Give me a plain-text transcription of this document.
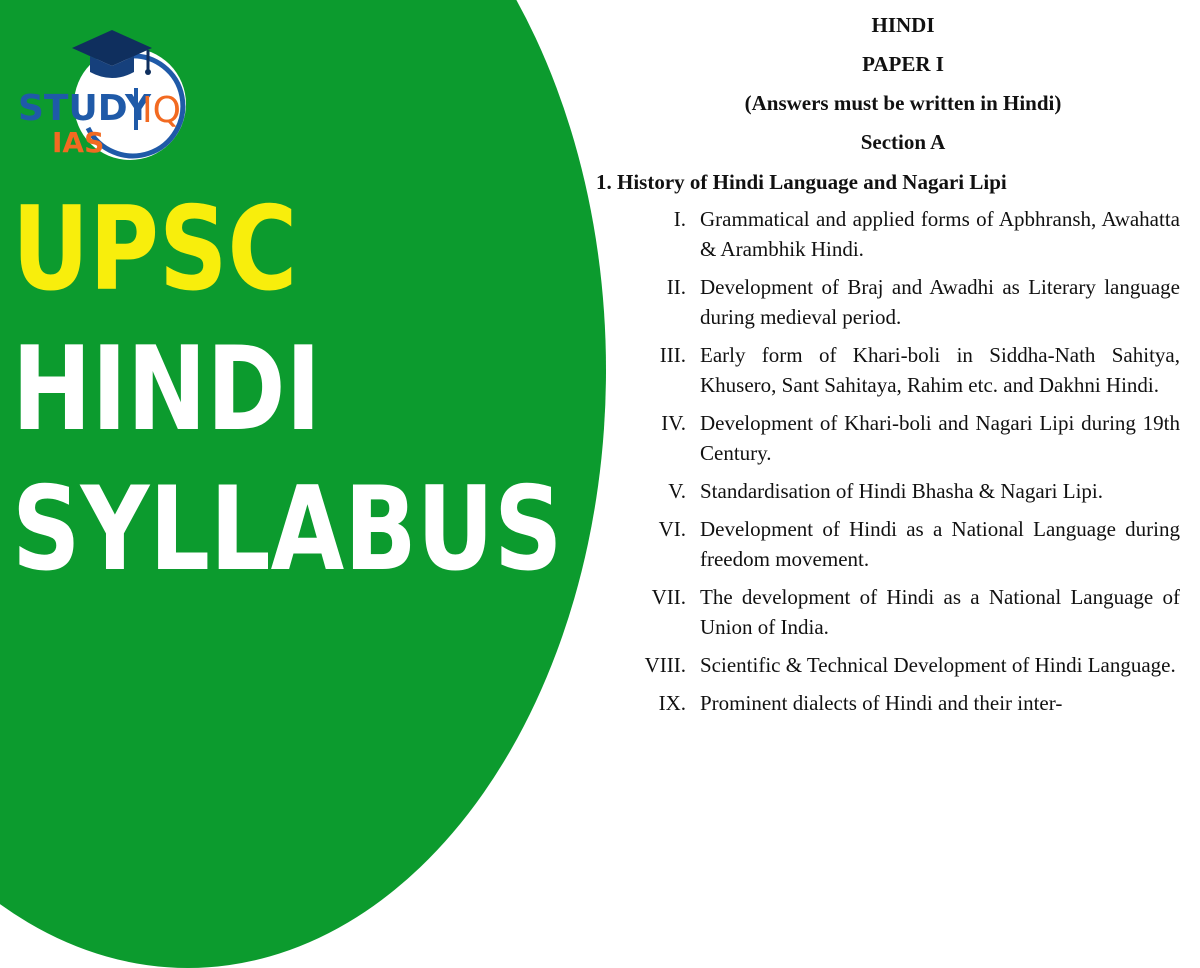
STUDY
IQ
IAS
UPSC
HINDI
SYLLABUS
HINDI
PAPER I
(Answers must be written in Hindi)
Section A
1. History of Hindi Language and Nagari Lipi
I. Grammatical and applied forms of Apbhransh, Awahatta & Arambhik Hindi.
II. Development of Braj and Awadhi as Literary language during medieval period.
III. Early form of Khari-boli in Siddha-Nath Sahitya, Khusero, Sant Sahitaya, Rahim etc. and Dakhni Hindi.
IV. Development of Khari-boli and Nagari Lipi during 19th Century.
V. Standardisation of Hindi Bhasha & Nagari Lipi.
VI. Development of Hindi as a National Language during freedom movement.
VII. The development of Hindi as a National Language of Union of India.
VIII. Scientific & Technical Development of Hindi Language.
IX. Prominent dialects of Hindi and their inter-
